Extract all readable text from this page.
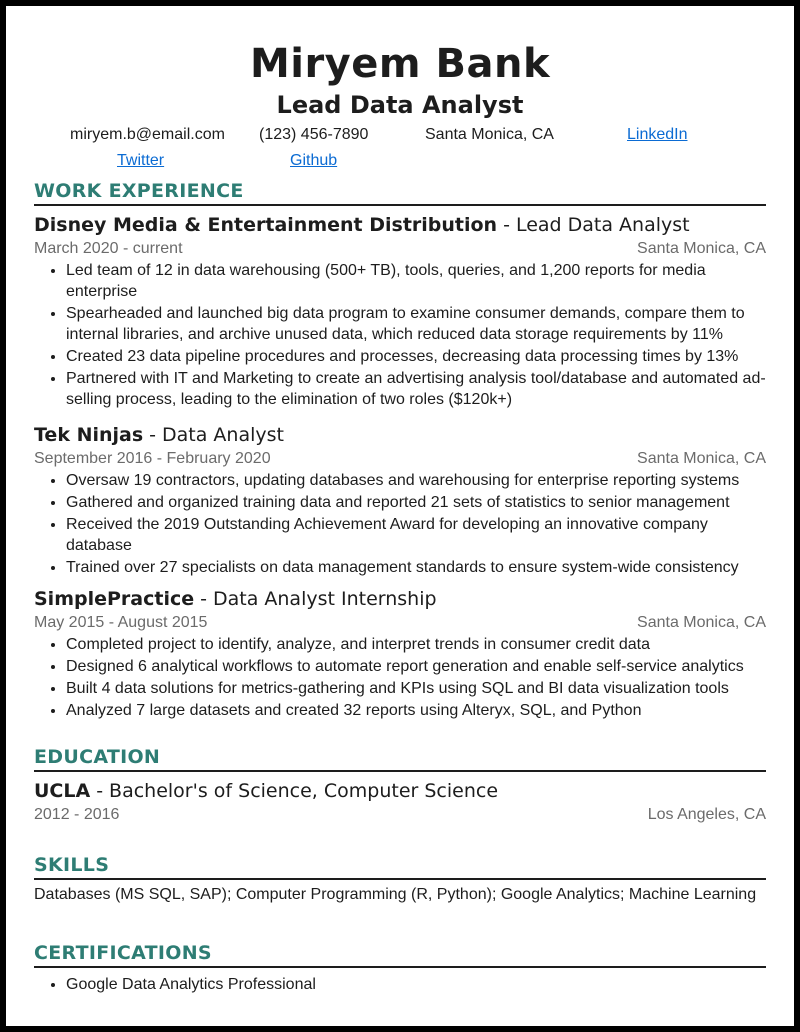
Miryem Bank
Lead Data Analyst
miryem.b@email.com (123) 456-7890	Santa Monica, CA	LinkedIn
Twitter	Github
WORK EXPERIENCE
Disney Media & Entertainment Distribution - Lead Data Analyst
March 2020 - current	Santa Monica, CA
• Led team of 12 in data warehousing (500+ TB), tools, queries, and 1,200 reports for media enterprise
• Spearheaded and launched big data program to examine consumer demands, compare them to internal libraries, and archive unused data, which reduced data storage requirements by 11%
• Created 23 data pipeline procedures and processes, decreasing data processing times by 13%
• Partnered with IT and Marketing to create an advertising analysis tool/database and automated ad-selling process, leading to the elimination of two roles ($120k+)
Tek Ninjas - Data Analyst
September 2016 - February 2020	Santa Monica, CA
• Oversaw 19 contractors, updating databases and warehousing for enterprise reporting systems
• Gathered and organized training data and reported 21 sets of statistics to senior management
• Received the 2019 Outstanding Achievement Award for developing an innovative company database
• Trained over 27 specialists on data management standards to ensure system-wide consistency
SimplePractice - Data Analyst Internship
May 2015 - August 2015	Santa Monica, CA
• Completed project to identify, analyze, and interpret trends in consumer credit data
• Designed 6 analytical workflows to automate report generation and enable self-service analytics
• Built 4 data solutions for metrics-gathering and KPIs using SQL and BI data visualization tools
• Analyzed 7 large datasets and created 32 reports using Alteryx, SQL, and Python
EDUCATION
UCLA - Bachelor's of Science, Computer Science
2012 - 2016	Los Angeles, CA
SKILLS
Databases (MS SQL, SAP); Computer Programming (R, Python); Google Analytics; Machine Learning
CERTIFICATIONS
• Google Data Analytics Professional
